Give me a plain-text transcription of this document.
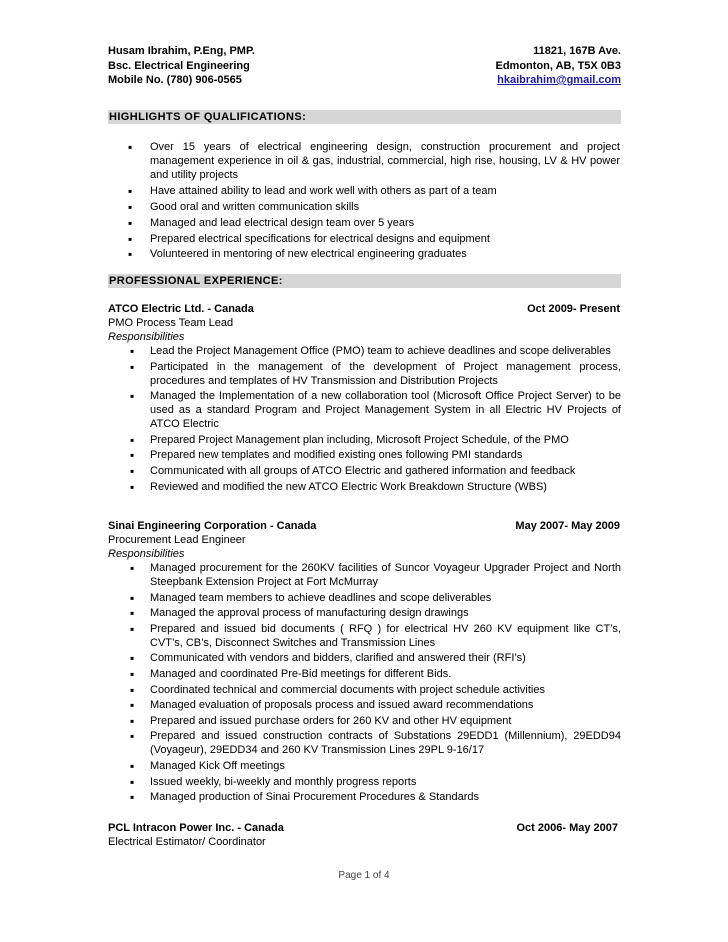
Husam Ibrahim, P.Eng, PMP.	11821, 167B Ave.
Bsc. Electrical Engineering	Edmonton, AB, T5X 0B3
Mobile No. (780) 906-0565	hkaibrahim@gmail.com
HIGHLIGHTS OF QUALIFICATIONS:
▪ Over 15 years of electrical engineering design, construction procurement and project management experience in oil & gas, industrial, commercial, high rise, housing, LV & HV power and utility projects
▪ Have attained ability to lead and work well with others as part of a team
▪ Good oral and written communication skills
▪ Managed and lead electrical design team over 5 years
▪ Prepared electrical specifications for electrical designs and equipment
▪ Volunteered in mentoring of new electrical engineering graduates
PROFESSIONAL EXPERIENCE:
ATCO Electric Ltd. - Canada	Oct 2009- Present
PMO Process Team Lead
Responsibilities
▪ Lead the Project Management Office (PMO) team to achieve deadlines and scope deliverables
▪ Participated in the management of the development of Project management process, procedures and templates of HV Transmission and Distribution Projects
▪ Managed the Implementation of a new collaboration tool (Microsoft Office Project Server) to be used as a standard Program and Project Management System in all Electric HV Projects of ATCO Electric
▪ Prepared Project Management plan including, Microsoft Project Schedule, of the PMO
▪ Prepared new templates and modified existing ones following PMI standards
▪ Communicated with all groups of ATCO Electric and gathered information and feedback
▪ Reviewed and modified the new ATCO Electric Work Breakdown Structure (WBS)
Sinai Engineering Corporation - Canada	May 2007- May 2009
Procurement Lead Engineer
Responsibilities
▪ Managed procurement for the 260KV facilities of Suncor Voyageur Upgrader Project and North Steepbank Extension Project at Fort McMurray
▪ Managed team members to achieve deadlines and scope deliverables
▪ Managed the approval process of manufacturing design drawings
▪ Prepared and issued bid documents ( RFQ ) for electrical HV 260 KV equipment like CT’s, CVT’s, CB’s, Disconnect Switches and Transmission Lines
▪ Communicated with vendors and bidders, clarified and answered their (RFI’s)
▪ Managed and coordinated Pre-Bid meetings for different Bids.
▪ Coordinated technical and commercial documents with project schedule activities
▪ Managed evaluation of proposals process and issued award recommendations
▪ Prepared and issued purchase orders for 260 KV and other HV equipment
▪ Prepared and issued construction contracts of Substations 29EDD1 (Millennium), 29EDD94 (Voyageur), 29EDD34 and 260 KV Transmission Lines 29PL 9-16/17
▪ Managed Kick Off meetings
▪ Issued weekly, bi-weekly and monthly progress reports
▪ Managed production of Sinai Procurement Procedures & Standards
PCL Intracon Power Inc. - Canada	Oct 2006- May 2007
Electrical Estimator/ Coordinator
Page 1 of 4
